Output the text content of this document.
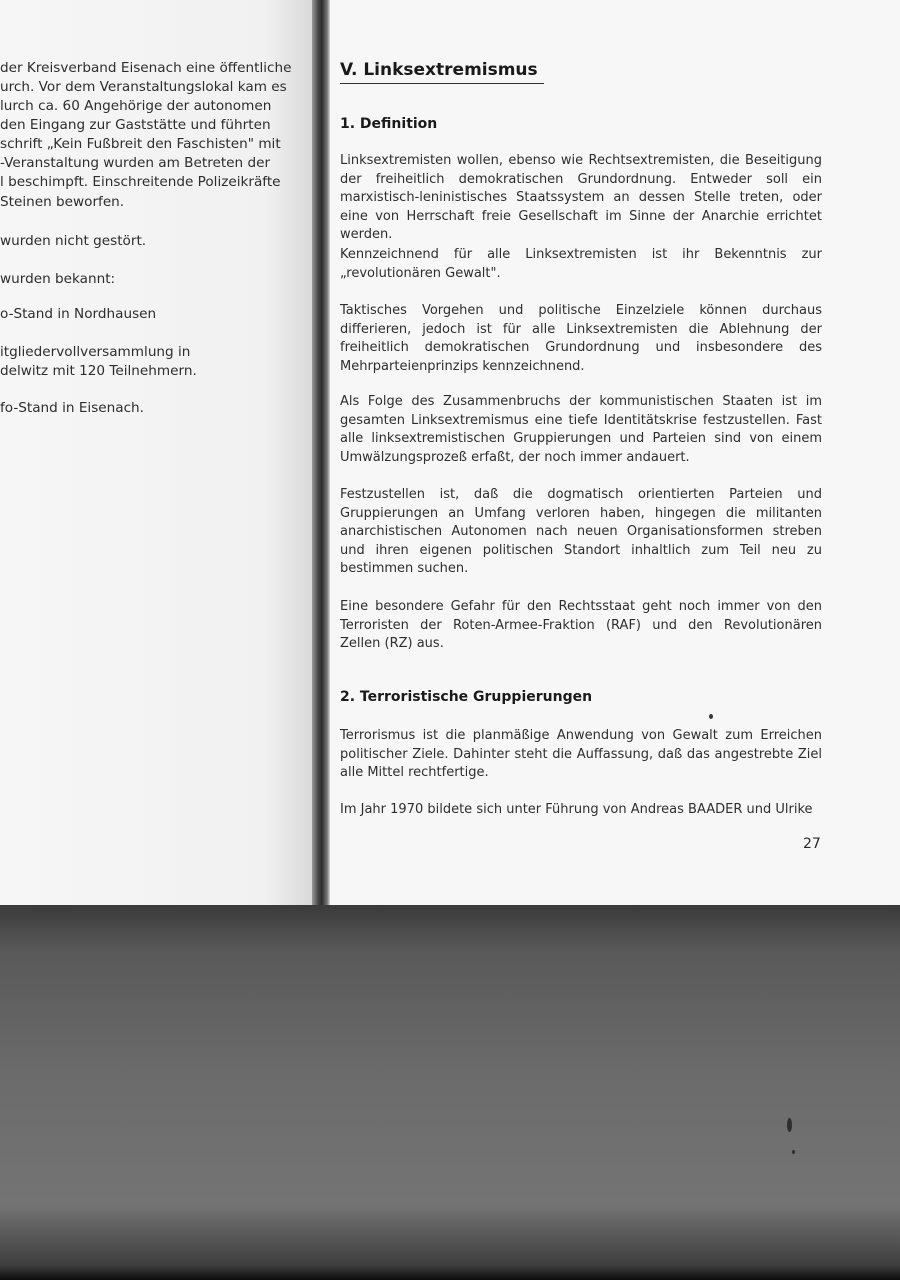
der Kreisverband Eisenach eine öffentliche

urch. Vor dem Veranstaltungslokal kam es

lurch ca. 60 Angehörige der autonomen

den Eingang zur Gaststätte und führten

schrift „Kein Fußbreit den Faschisten" mit

-Veranstaltung wurden am Betreten der

l beschimpft. Einschreitende Polizeikräfte

Steinen beworfen.

wurden nicht gestört.

wurden bekannt:

o-Stand in Nordhausen

itgliedervollversammlung in

delwitz mit 120 Teilnehmern.

fo-Stand in Eisenach.

V. Linksextremismus
1. Definition

Linksextremisten wollen, ebenso wie Rechtsextremisten, die Beseitigung der freiheitlich demokratischen Grundordnung. Entweder soll ein marxistisch-leninistisches Staatssystem an dessen Stelle treten, oder eine von Herrschaft freie Gesellschaft im Sinne der Anarchie errichtet werden.

Kennzeichnend für alle Linksextremisten ist ihr Bekenntnis zur „revolutionären Gewalt".

Taktisches Vorgehen und politische Einzelziele können durchaus differieren, jedoch ist für alle Linksextremisten die Ablehnung der freiheitlich demokratischen Grundordnung und insbesondere des Mehrparteienprinzips kennzeichnend.

Als Folge des Zusammenbruchs der kommunistischen Staaten ist im gesamten Linksextremismus eine tiefe Identitätskrise festzustellen. Fast alle linksextremistischen Gruppierungen und Parteien sind von einem Umwälzungsprozeß erfaßt, der noch immer andauert.

Festzustellen ist, daß die dogmatisch orientierten Parteien und Gruppierungen an Umfang verloren haben, hingegen die militanten anarchistischen Autonomen nach neuen Organisationsformen streben und ihren eigenen politischen Standort inhaltlich zum Teil neu zu bestimmen suchen.

Eine besondere Gefahr für den Rechtsstaat geht noch immer von den Terroristen der Roten-Armee-Fraktion (RAF) und den Revolutionären Zellen (RZ) aus.

2. Terroristische Gruppierungen

Terrorismus ist die planmäßige Anwendung von Gewalt zum Erreichen politischer Ziele. Dahinter steht die Auffassung, daß das angestrebte Ziel alle Mittel rechtfertige.

Im Jahr 1970 bildete sich unter Führung von Andreas BAADER und Ulrike

27
